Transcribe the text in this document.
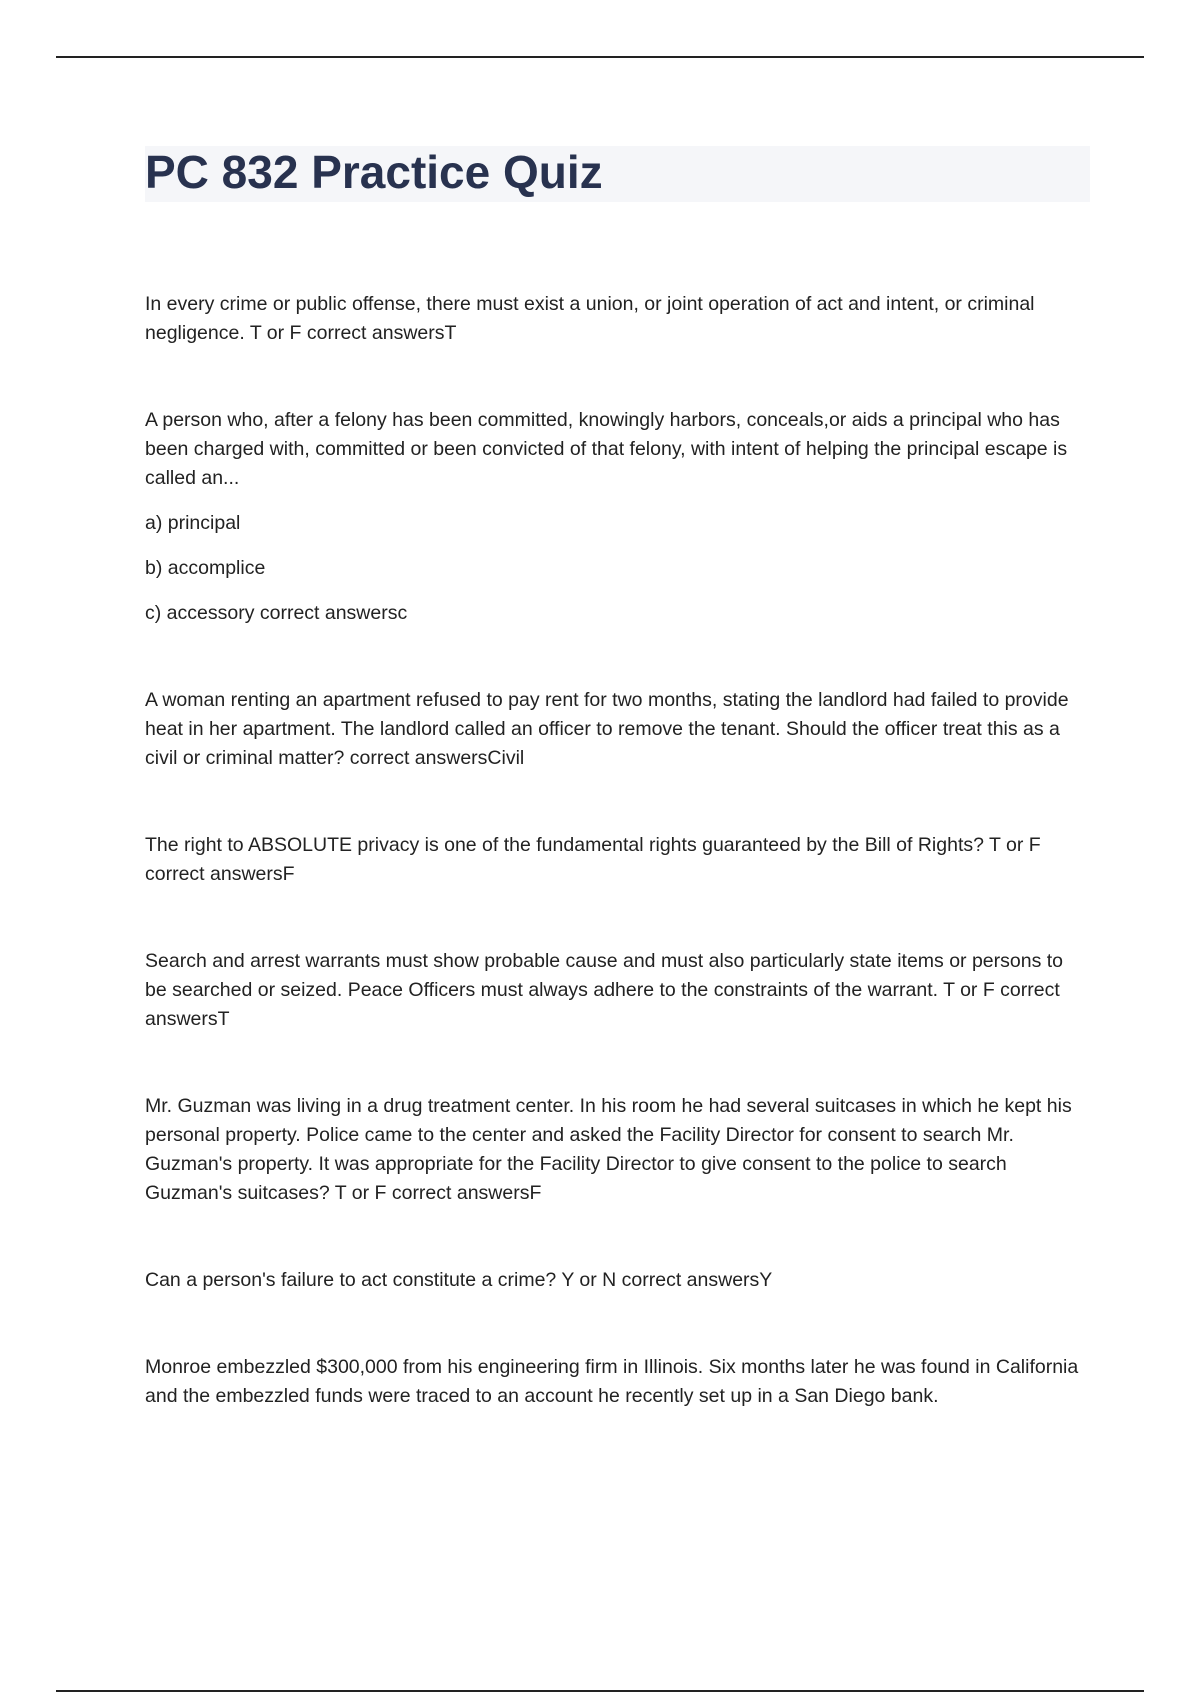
PC 832 Practice Quiz

In every crime or public offense, there must exist a union, or joint operation of act and intent, or criminal negligence. T or F correct answersT

A person who, after a felony has been committed, knowingly harbors, conceals,or aids a principal who has been charged with, committed or been convicted of that felony, with intent of helping the principal escape is called an...

a) principal

b) accomplice

c) accessory correct answersc

A woman renting an apartment refused to pay rent for two months, stating the landlord had failed to provide heat in her apartment. The landlord called an officer to remove the tenant. Should the officer treat this as a civil or criminal matter? correct answersCivil

The right to ABSOLUTE privacy is one of the fundamental rights guaranteed by the Bill of Rights? T or F correct answersF

Search and arrest warrants must show probable cause and must also particularly state items or persons to be searched or seized. Peace Officers must always adhere to the constraints of the warrant. T or F correct answersT

Mr. Guzman was living in a drug treatment center. In his room he had several suitcases in which he kept his personal property. Police came to the center and asked the Facility Director for consent to search Mr. Guzman's property. It was appropriate for the Facility Director to give consent to the police to search Guzman's suitcases? T or F correct answersF

Can a person's failure to act constitute a crime? Y or N correct answersY

Monroe embezzled $300,000 from his engineering firm in Illinois. Six months later he was found in California and the embezzled funds were traced to an account he recently set up in a San Diego bank.
